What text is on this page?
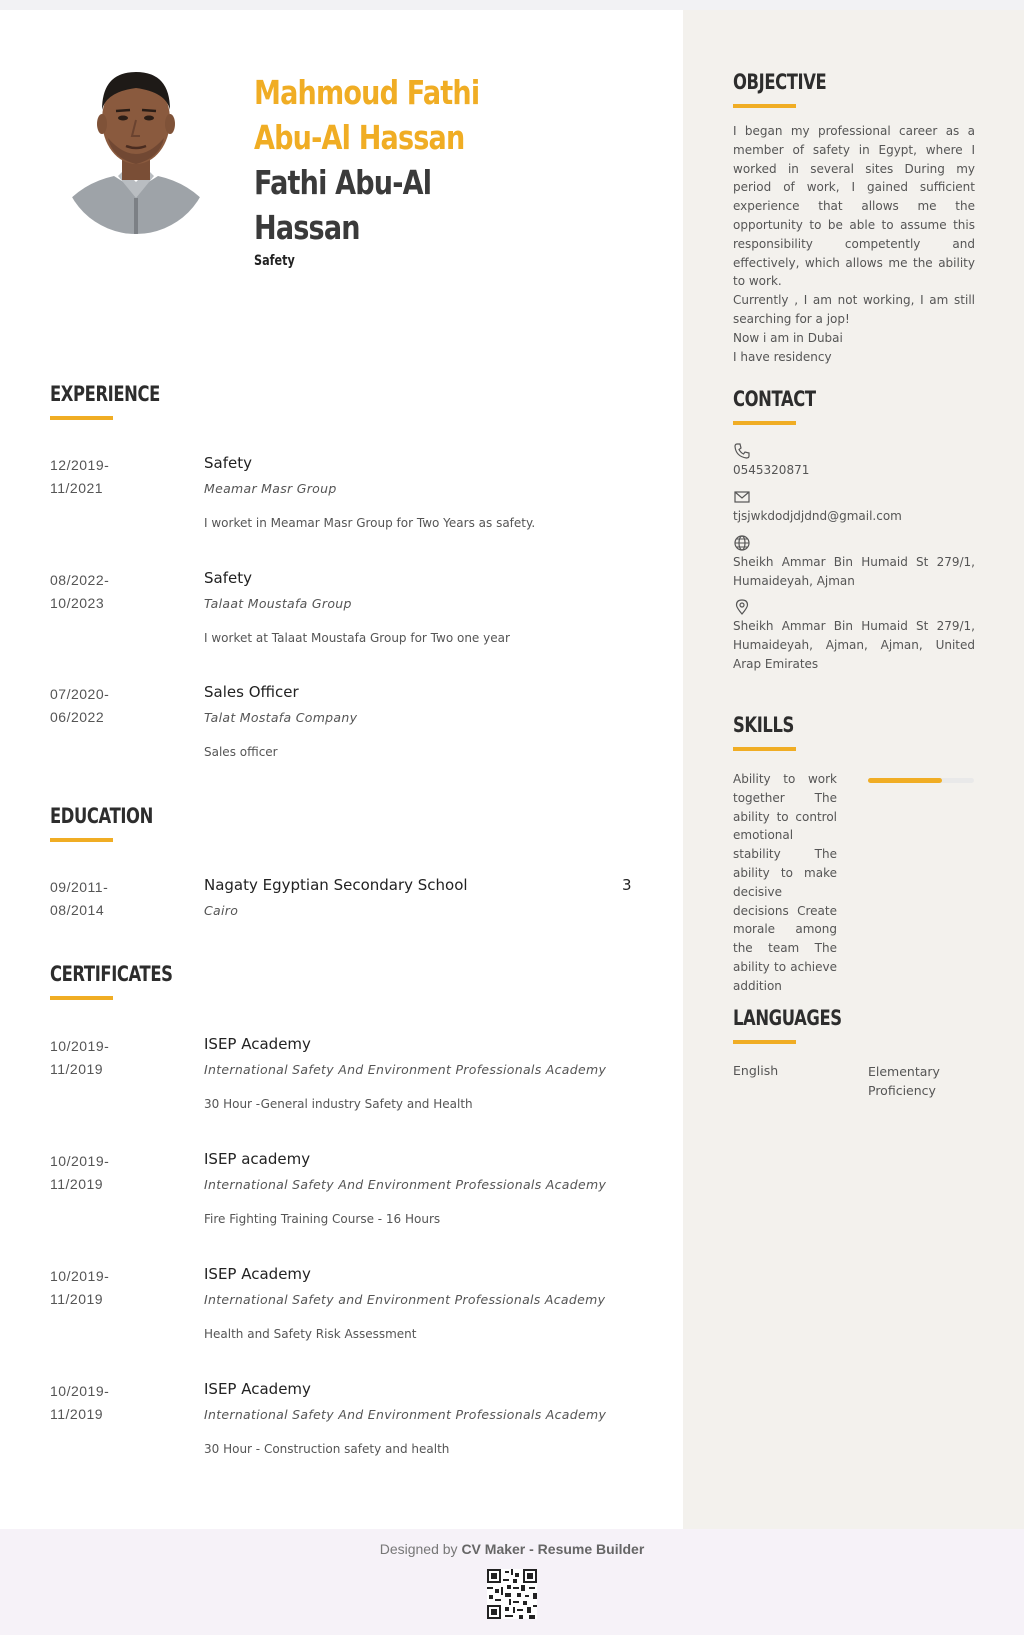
Mahmoud Fathi
Abu-Al Hassan
Fathi Abu-Al
Hassan
Safety
EXPERIENCE
12/2019-
11/2021
Safety
Meamar Masr Group
I worket in Meamar Masr Group for Two Years as safety.
08/2022-
10/2023
Safety
Talaat Moustafa Group
I worket at Talaat Moustafa Group for Two one year
07/2020-
06/2022
Sales Officer
Talat Mostafa Company
Sales officer
EDUCATION
09/2011-
08/2014
Nagaty Egyptian Secondary School
Cairo
3
CERTIFICATES
10/2019-
11/2019
ISEP Academy
International Safety And Environment Professionals Academy
30 Hour -General industry Safety and Health
10/2019-
11/2019
ISEP academy
International Safety And Environment Professionals Academy
Fire Fighting Training Course - 16 Hours
10/2019-
11/2019
ISEP Academy
International Safety and Environment Professionals Academy
Health and Safety Risk Assessment
10/2019-
11/2019
ISEP Academy
International Safety And Environment Professionals Academy
30 Hour - Construction safety and health
OBJECTIVE

I began my professional career as a member of safety in Egypt, where I worked in several sites During my period of work, I gained sufficient experience that allows me the opportunity to be able to assume this responsibility competently and effectively, which allows me the ability to work.

Currently , I am not working, I am still searching for a jop!

Now i am in Dubai

I have residency

CONTACT
0545320871
tjsjwkdodjdjdnd@gmail.com
Sheikh Ammar Bin Humaid St 279/1, Humaideyah, Ajman
Sheikh Ammar Bin Humaid St 279/1, Humaideyah, Ajman, Ajman, United Arap Emirates
SKILLS
Ability to work together The ability to control emotional stability The ability to make decisive decisions Create morale among the team The ability to achieve addition
LANGUAGES
English	Elementary Proficiency
Designed by CV Maker - Resume Builder
